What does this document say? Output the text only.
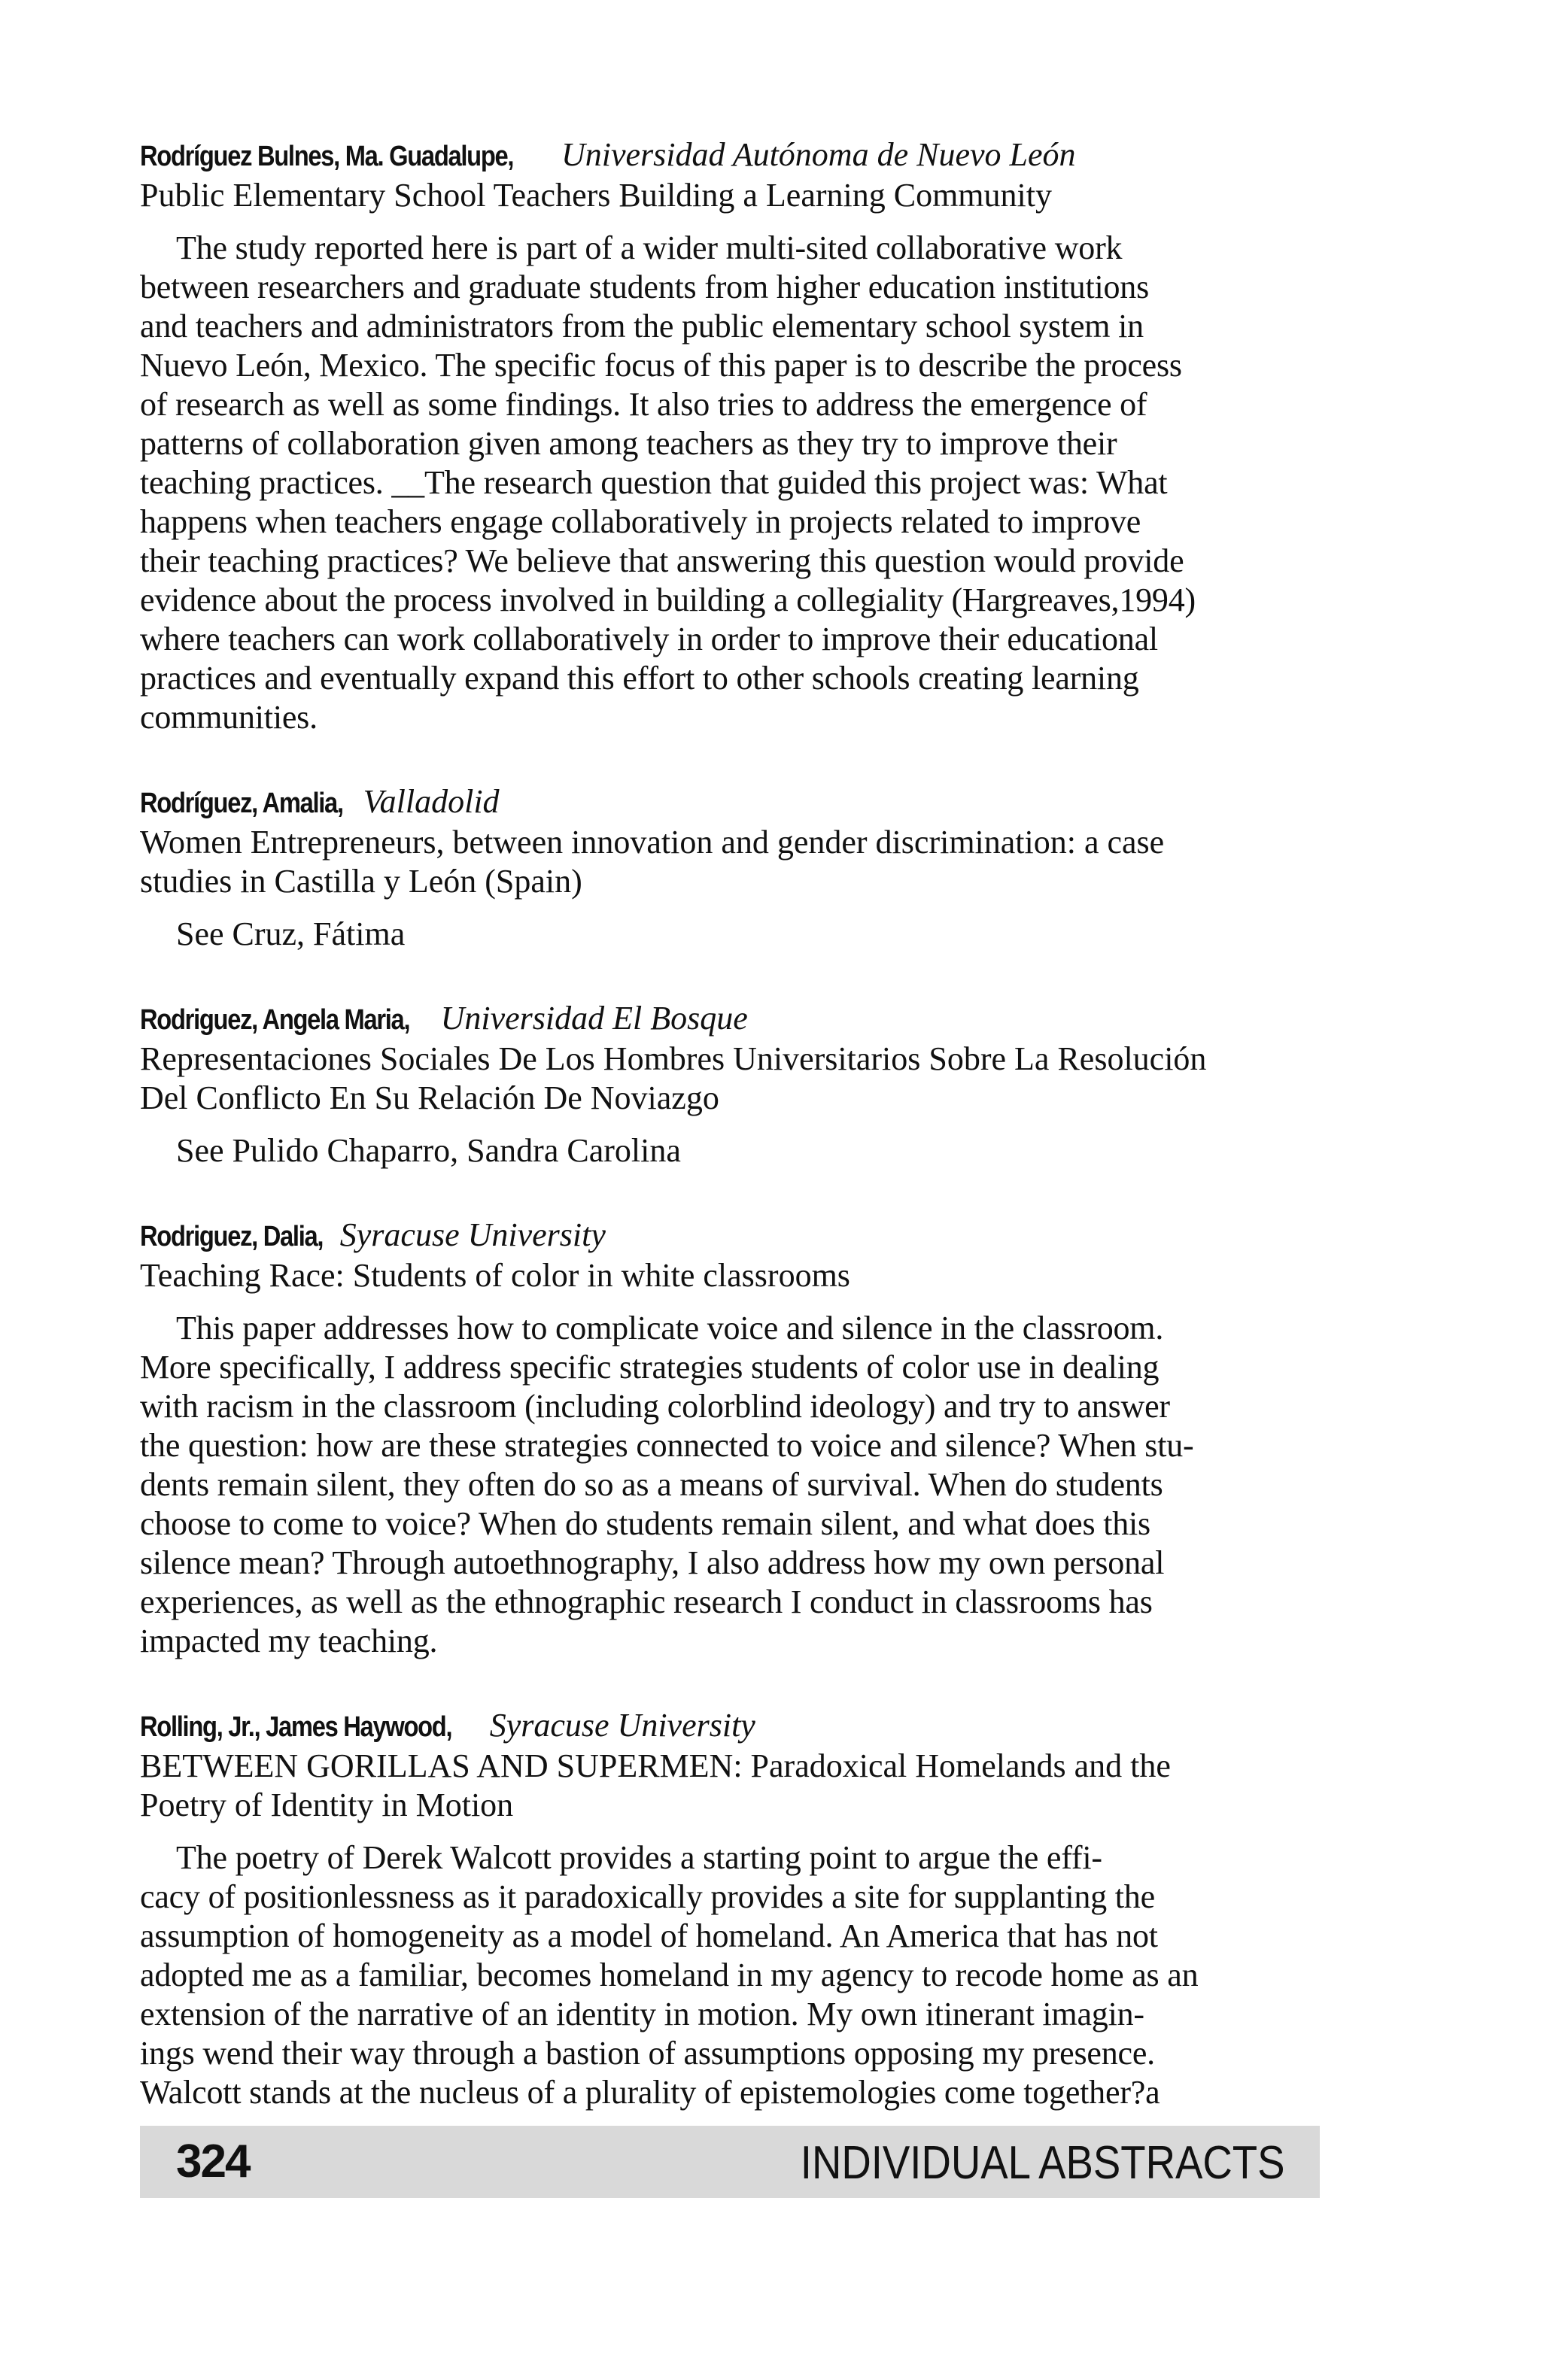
Rodríguez Bulnes, Ma. Guadalupe, Universidad Autónoma de Nuevo León
Public Elementary School Teachers Building a Learning Community
The study reported here is part of a wider multi-sited collaborative work
between researchers and graduate students from higher education institutions
and teachers and administrators from the public elementary school system in
Nuevo León, Mexico. The specific focus of this paper is to describe the process
of research as well as some findings. It also tries to address the emergence of
patterns of collaboration given among teachers as they try to improve their
teaching practices. __The research question that guided this project was: What
happens when teachers engage collaboratively in projects related to improve
their teaching practices? We believe that answering this question would provide
evidence about the process involved in building a collegiality (Hargreaves,1994)
where teachers can work collaboratively in order to improve their educational
practices and eventually expand this effort to other schools creating learning
communities.
Rodríguez, Amalia, Valladolid
Women Entrepreneurs, between innovation and gender discrimination: a case
studies in Castilla y León (Spain)
See Cruz, Fátima
Rodriguez, Angela Maria, Universidad El Bosque
Representaciones Sociales De Los Hombres Universitarios Sobre La Resolución
Del Conflicto En Su Relación De Noviazgo
See Pulido Chaparro, Sandra Carolina
Rodriguez, Dalia, Syracuse University
Teaching Race: Students of color in white classrooms
This paper addresses how to complicate voice and silence in the classroom.
More specifically, I address specific strategies students of color use in dealing
with racism in the classroom (including colorblind ideology) and try to answer
the question: how are these strategies connected to voice and silence? When stu-
dents remain silent, they often do so as a means of survival. When do students
choose to come to voice? When do students remain silent, and what does this
silence mean? Through autoethnography, I also address how my own personal
experiences, as well as the ethnographic research I conduct in classrooms has
impacted my teaching.
Rolling, Jr., James Haywood, Syracuse University
BETWEEN GORILLAS AND SUPERMEN: Paradoxical Homelands and the
Poetry of Identity in Motion
The poetry of Derek Walcott provides a starting point to argue the effi-
cacy of positionlessness as it paradoxically provides a site for supplanting the
assumption of homogeneity as a model of homeland. An America that has not
adopted me as a familiar, becomes homeland in my agency to recode home as an
extension of the narrative of an identity in motion. My own itinerant imagin-
ings wend their way through a bastion of assumptions opposing my presence.
Walcott stands at the nucleus of a plurality of epistemologies come together?a
324	INDIVIDUAL ABSTRACTS
